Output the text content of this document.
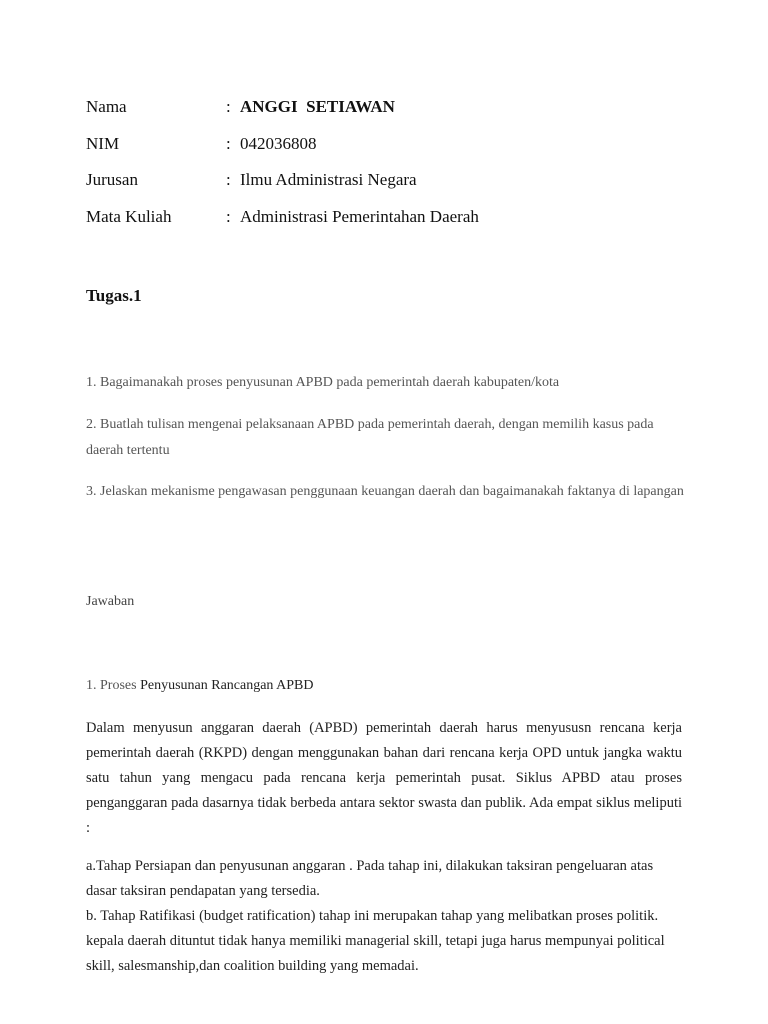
Nama	: ANGGI  SETIAWAN
NIM	: 042036808
Jurusan	: Ilmu Administrasi Negara
Mata Kuliah	: Administrasi Pemerintahan Daerah
Tugas.1
1. Bagaimanakah proses penyusunan APBD pada pemerintah daerah kabupaten/kota
2. Buatlah tulisan mengenai pelaksanaan APBD pada pemerintah daerah, dengan memilih kasus pada daerah tertentu
3. Jelaskan mekanisme pengawasan penggunaan keuangan daerah dan bagaimanakah faktanya di lapangan
Jawaban
1. Proses Penyusunan Rancangan APBD
Dalam menyusun anggaran daerah (APBD) pemerintah daerah harus menyususn rencana kerja pemerintah daerah (RKPD) dengan menggunakan bahan dari rencana kerja OPD untuk jangka waktu satu tahun yang mengacu pada rencana kerja pemerintah pusat. Siklus APBD atau proses penganggaran pada dasarnya tidak berbeda antara sektor swasta dan publik. Ada empat siklus meliputi :
a.Tahap Persiapan dan penyusunan anggaran . Pada tahap ini, dilakukan taksiran pengeluaran atas dasar taksiran pendapatan yang tersedia.
b. Tahap Ratifikasi (budget ratification) tahap ini merupakan tahap yang melibatkan proses politik. kepala daerah dituntut tidak hanya memiliki managerial skill, tetapi juga harus mempunyai political skill, salesmanship,dan coalition building yang memadai.
